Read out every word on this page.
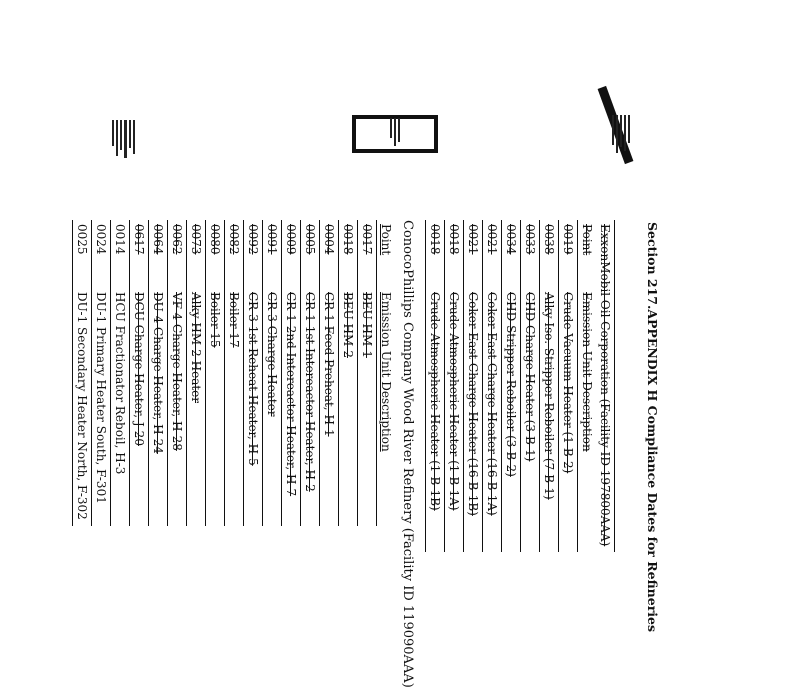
Section 217.APPENDIX H Compliance Dates for Refineries
ExxonMobil Oil Corporation (Facility ID 197800AAA)	
Point	Emission Unit Description
0019	Crude Vacuum Heater (1-B-2)
0038	Alky Iso. Stripper Reboiler (7-B-1)
0033	CHD Charge Heater (3-B-1)
0034	CHD Stripper Reboiler (3-B-2)
0021	Coker East Charge Heater (16-B-1A)
0021	Coker East Charge Heater (16-B-1B)
0018	Crude Atmospheric Heater (1-B-1A)
0018	Crude Atmospheric Heater (1-B-1B)
ConocoPhillips Company Wood River Refinery (Facility ID 119090AAA)
Point	Emission Unit Description
0017	BEU HM-1
0018	BEU HM-2
0004	CR-1 Feed Preheat, H-1
0005	CR-1 1st Intereactor Heater, H-2
0009	CR-1 2nd Intereactor Heater, H-7
0091	CR-3 Charge Heater
0092	CR-3 1st Reheat Heater, H-5
0082	Boiler 17
0080	Boiler 15
0073	Alky HM-2 Heater
0062	VF-4 Charge Heater, H-28
0064	DU-4 Charge Heater, H-24
0617	DCU Charge Heater, J-20
0014	HCU Fractionator Reboil, H-3
0024	DU-1 Primary Heater South, F-301
0025	DU-1 Secondary Heater North, F-302
